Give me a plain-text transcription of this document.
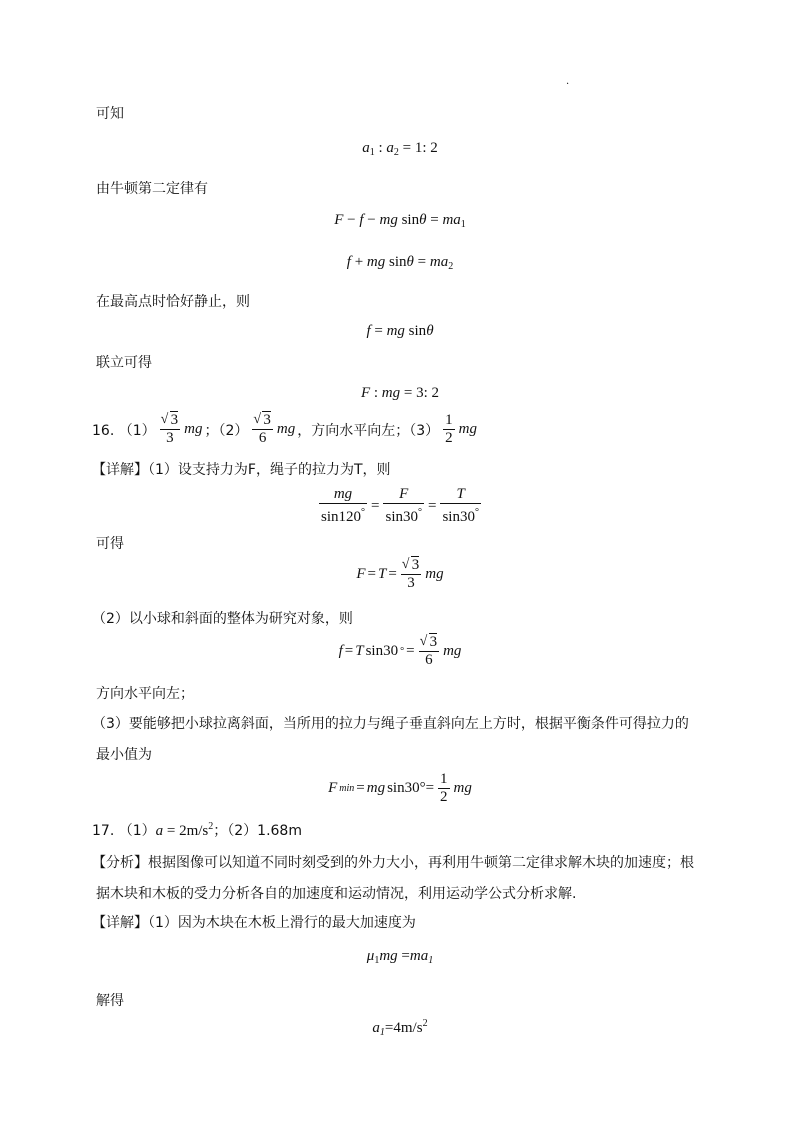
.
可知
$a_1$ : $a_2 = 1$: 2
由牛顿第二定律有
F − f − mg $\sin\theta = ma_1$
f + mg $\sin\theta = ma_2$
在最高点时恰好静止，则
f = mg sinθ
联立可得
F : mg = 3: 2
16. （1） √ $\frac{3}{3}$ mg ；（2） √ $\frac{3}{6}$ mg ，方向水平向左；$(3) \frac{1}{2}$ mg
【详解】（1）设支持力为F，绳子的拉力为T，则
$\frac{mg}{\sin 120^\circ} = \frac{F}{\sin 30^\circ} = \frac{T}{\sin 30^\circ}$
可得
F = T = √ $\frac{3}{3}$ mg
（2）以小球和斜面的整体为研究对象，则
f = T sin30 ° = √ $\frac{3}{6}$ mg
方向水平向左；
（3）要能够把小球拉离斜面，当所用的拉力与绳子垂直斜向左上方时，根据平衡条件可得拉力的
最小值为
F min = mg $\sin 30^\circ= \frac{1}{2}$ mg
17. $(1)a = 2m/s^2$；（2）1.68m
【分析】根据图像可以知道不同时刻受到的外力大小，再利用牛顿第二定律求解木块的加速度；根
据木块和木板的受力分析各自的加速度和运动情况，利用运动学公式分析求解.
【详解】（1）因为木块在木板上滑行的最大加速度为
$\mu_1mg =ma_1$
解得
$a_1=4m/s^2$
